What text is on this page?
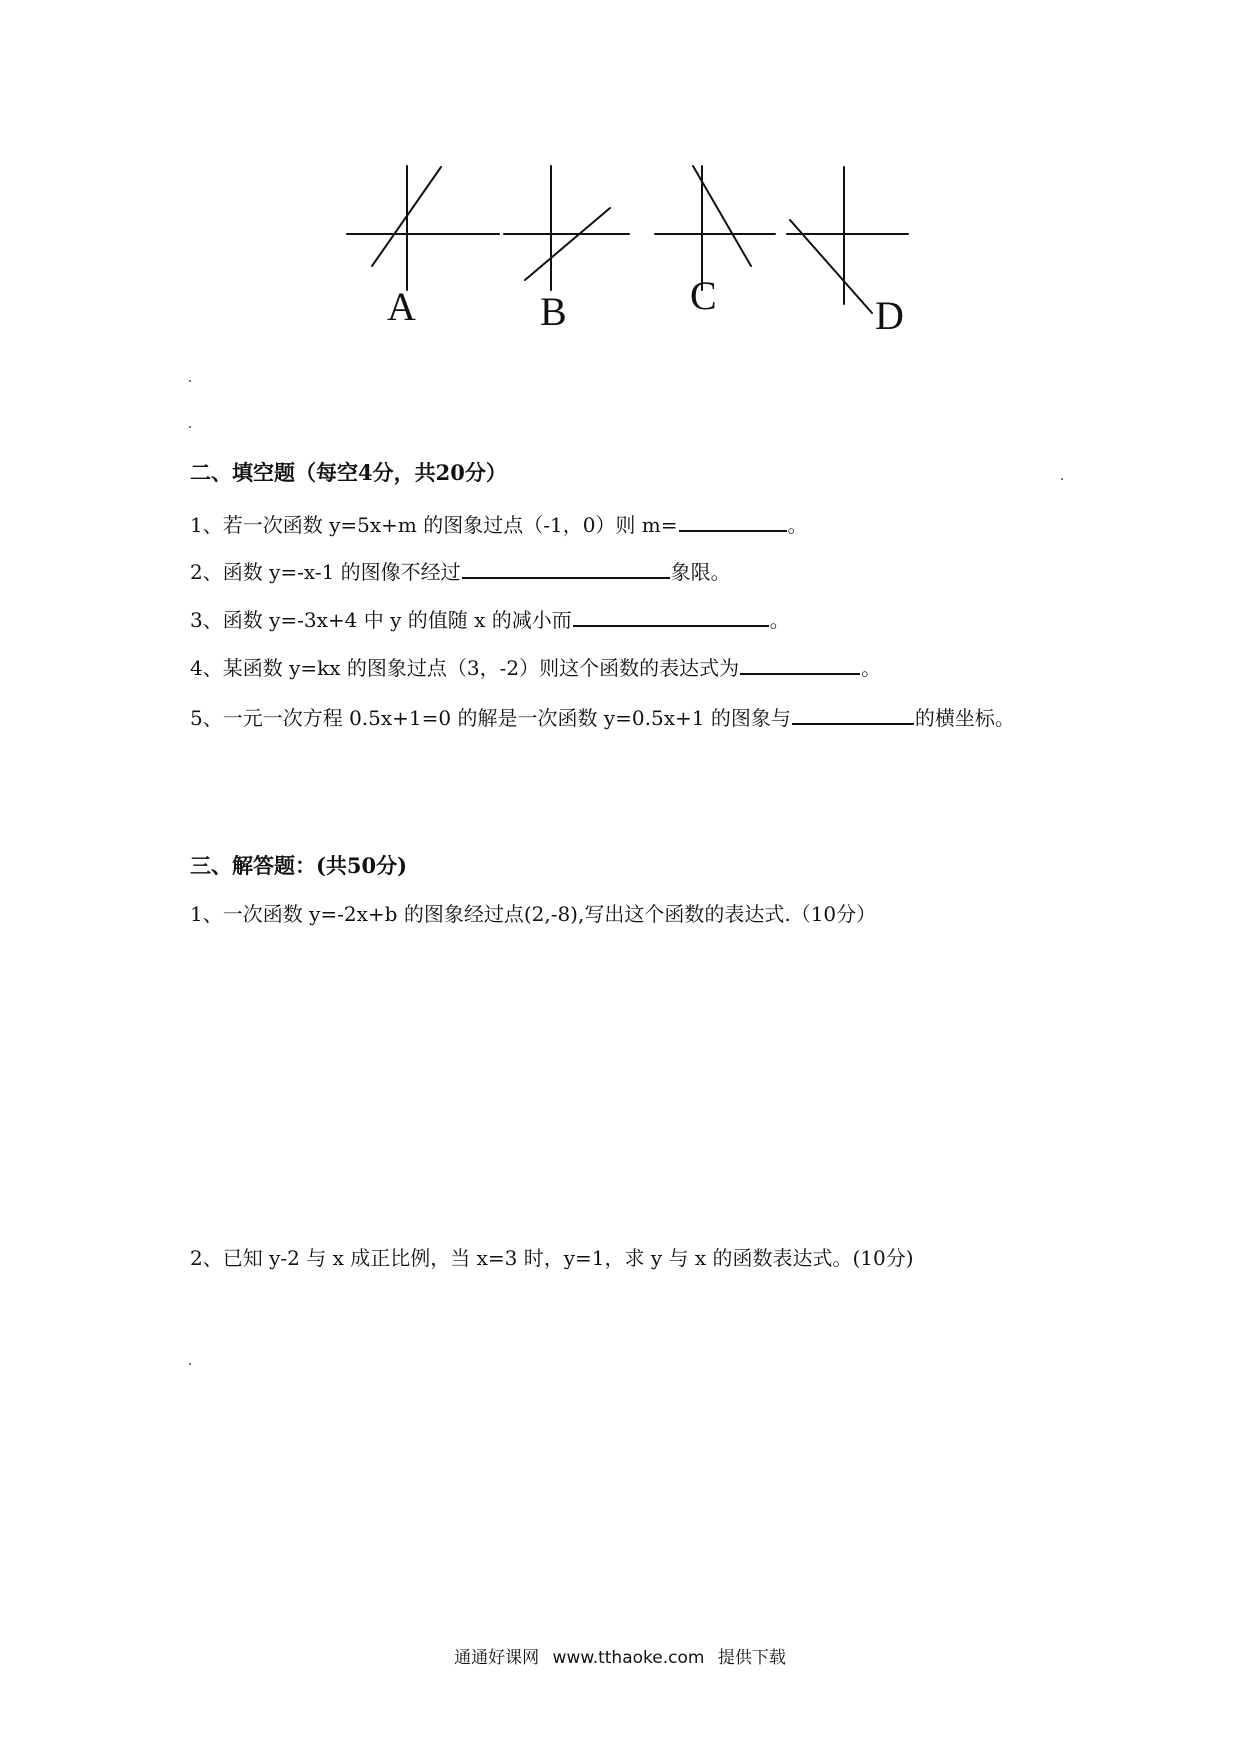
A	B	C	D
二、填空题（每空4分，共20分）

1、若一次函数 y=5x+m 的图象过点（-1，0）则 m=	。

2、函数 y=-x-1 的图像不经过	象限。

3、函数 y=-3x+4 中 y 的值随 x 的减小而	。

4、某函数 y=kx 的图象过点（3，-2）则这个函数的表达式为	。

5、一元一次方程 0.5x+1=0 的解是一次函数 y=0.5x+1 的图象与	的横坐标。

三、解答题：(共50分)

1、一次函数 y=-2x+b 的图象经过点(2,-8),写出这个函数的表达式.（10分）

2、已知 y-2 与 x 成正比例，当 x=3 时，y=1，求 y 与 x 的函数表达式。(10分)

通通好课网 www.tthaoke.com 提供下载
